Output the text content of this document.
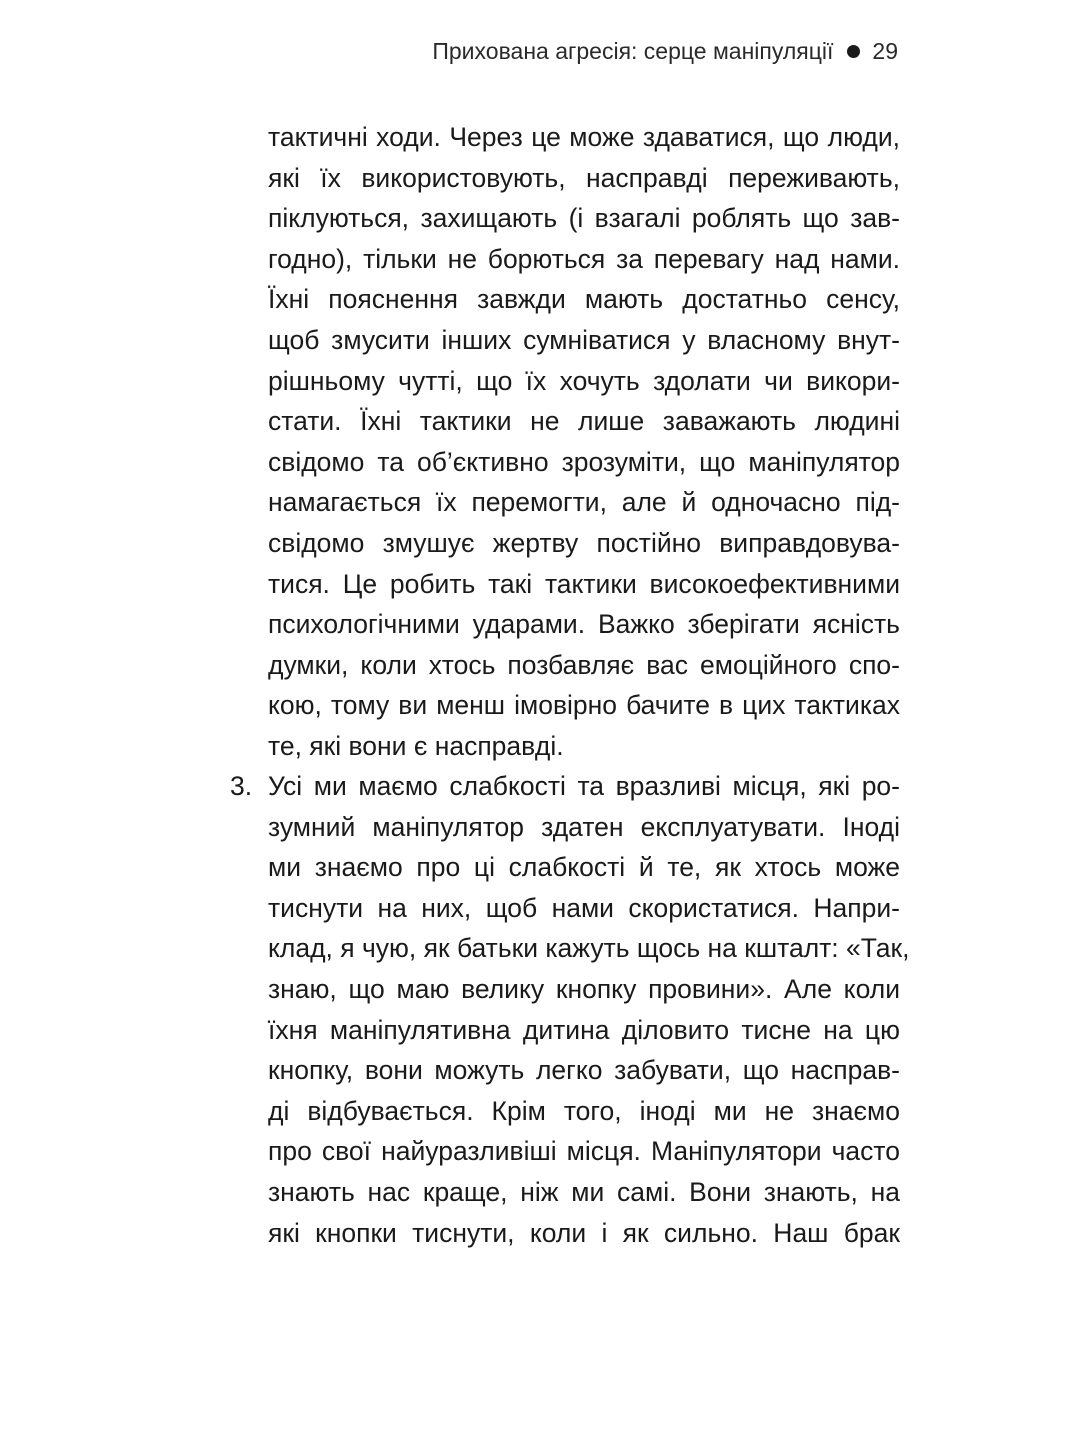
Прихована агресія: серце маніпуляції 29
тактичні ходи. Через це може здаватися, що люди,
які їх використовують, насправді переживають,
піклуються, захищають (і взагалі роблять що зав-
годно), тільки не борються за перевагу над нами.
Їхні пояснення завжди мають достатньо сенсу,
щоб змусити інших сумніватися у власному внут-
рішньому чутті, що їх хочуть здолати чи викори-
стати. Їхні тактики не лише заважають людині
свідомо та об’єктивно зрозуміти, що маніпулятор
намагається їх перемогти, але й одночасно під-
свідомо змушує жертву постійно виправдовува-
тися. Це робить такі тактики високоефективними
психологічними ударами. Важко зберігати ясність
думки, коли хтось позбавляє вас емоційного спо-
кою, тому ви менш імовірно бачите в цих тактиках
те, які вони є насправді.
3. Усі ми маємо слабкості та вразливі місця, які ро-
зумний маніпулятор здатен експлуатувати. Іноді
ми знаємо про ці слабкості й те, як хтось може
тиснути на них, щоб нами скористатися. Напри-
клад, я чую, як батьки кажуть щось на кшталт: «Так,
знаю, що маю велику кнопку провини». Але коли
їхня маніпулятивна дитина діловито тисне на цю
кнопку, вони можуть легко забувати, що насправ-
ді відбувається. Крім того, іноді ми не знаємо
про свої найуразливіші місця. Маніпулятори часто
знають нас краще, ніж ми самі. Вони знають, на
які кнопки тиснути, коли і як сильно. Наш брак
